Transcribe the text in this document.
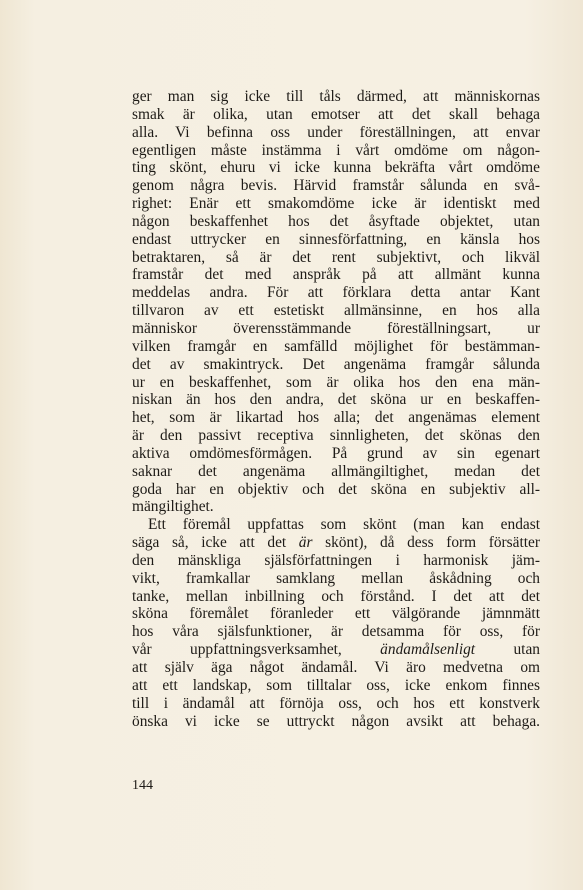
ger man sig icke till tåls därmed, att människornas
smak är olika, utan emotser att det skall behaga
alla. Vi befinna oss under föreställningen, att envar
egentligen måste instämma i vårt omdöme om någon-
ting skönt, ehuru vi icke kunna bekräfta vårt omdöme
genom några bevis. Härvid framstår sålunda en svå-
righet: Enär ett smakomdöme icke är identiskt med
någon beskaffenhet hos det åsyftade objektet, utan
endast uttrycker en sinnesförfattning, en känsla hos
betraktaren, så är det rent subjektivt, och likväl
framstår det med anspråk på att allmänt kunna
meddelas andra. För att förklara detta antar Kant
tillvaron av ett estetiskt allmänsinne, en hos alla
människor överensstämmande föreställningsart, ur
vilken framgår en samfälld möjlighet för bestämman-
det av smakintryck. Det angenäma framgår sålunda
ur en beskaffenhet, som är olika hos den ena män-
niskan än hos den andra, det sköna ur en beskaffen-
het, som är likartad hos alla; det angenämas element
är den passivt receptiva sinnligheten, det skönas den
aktiva omdömesförmågen. På grund av sin egenart
saknar det angenäma allmängiltighet, medan det
goda har en objektiv och det sköna en subjektiv all-
mängiltighet.
Ett föremål uppfattas som skönt (man kan endast
säga så, icke att det är skönt), då dess form försätter
den mänskliga själsförfattningen i harmonisk jäm-
vikt, framkallar samklang mellan åskådning och
tanke, mellan inbillning och förstånd. I det att det
sköna föremålet föranleder ett välgörande jämnmätt
hos våra själsfunktioner, är detsamma för oss, för
vår uppfattningsverksamhet, ändamålsenligt utan
att själv äga något ändamål. Vi äro medvetna om
att ett landskap, som tilltalar oss, icke enkom finnes
till i ändamål att förnöja oss, och hos ett konstverk
önska vi icke se uttryckt någon avsikt att behaga.
144
